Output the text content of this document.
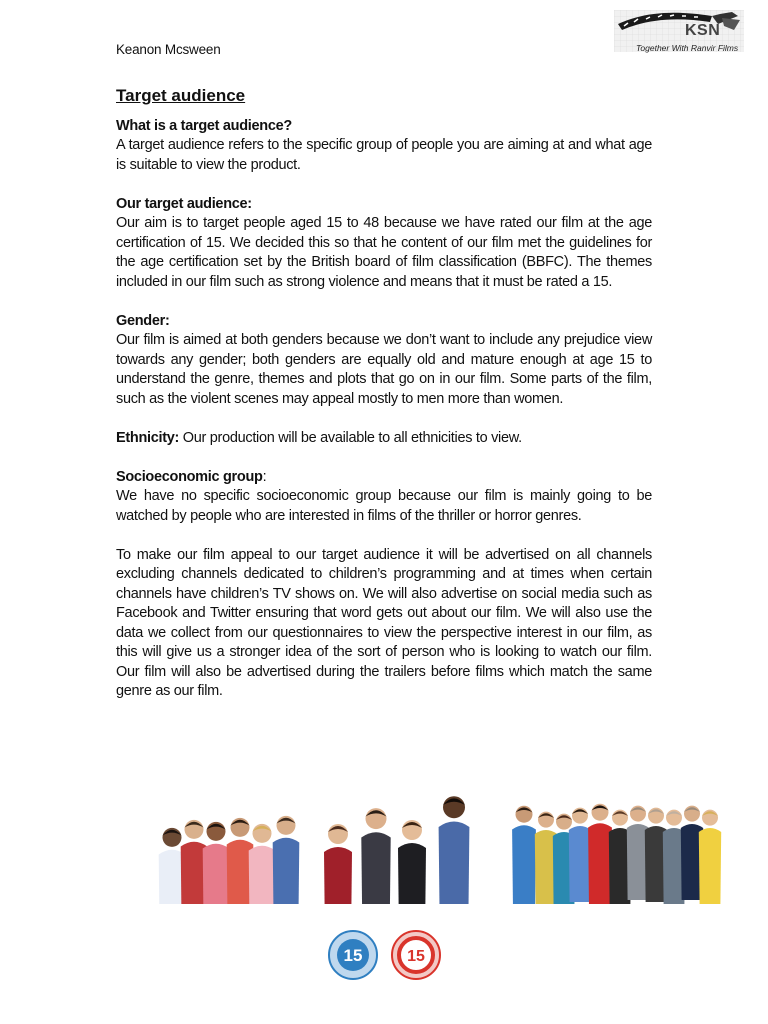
Keanon Mcsween
KSN
Together With Ranvir Films
Target audience
What is a target audience?

A target audience refers to the specific group of people you are aiming at and what age is suitable to view the product.

Our target audience:

Our aim is to target people aged 15 to 48 because we have rated our film at the age certification of 15. We decided this so that he content of our film met the guidelines for the age certification set by the British board of film classification (BBFC). The themes included in our film such as strong violence and means that it must be rated a 15.

Gender:

Our film is aimed at both genders because we don’t want to include any prejudice view towards any gender; both genders are equally old and mature enough at age 15 to understand the genre, themes and plots that go on in our film. Some parts of the film, such as the violent scenes may appeal mostly to men more than women.

Ethnicity: Our production will be available to all ethnicities to view.

Socioeconomic group:

We have no specific socioeconomic group because our film is mainly going to be watched by people who are interested in films of the thriller or horror genres.

To make our film appeal to our target audience it will be advertised on all channels excluding channels dedicated to children’s programming and at times when certain channels have children’s TV shows on. We will also advertise on social media such as Facebook and Twitter ensuring that word gets out about our film. We will also use the data we collect from our questionnaires to view the perspective interest in our film, as this will give us a stronger idea of the sort of person who is looking to watch our film. Our film will also be advertised during the trailers before films which match the same genre as our film.

15	15
